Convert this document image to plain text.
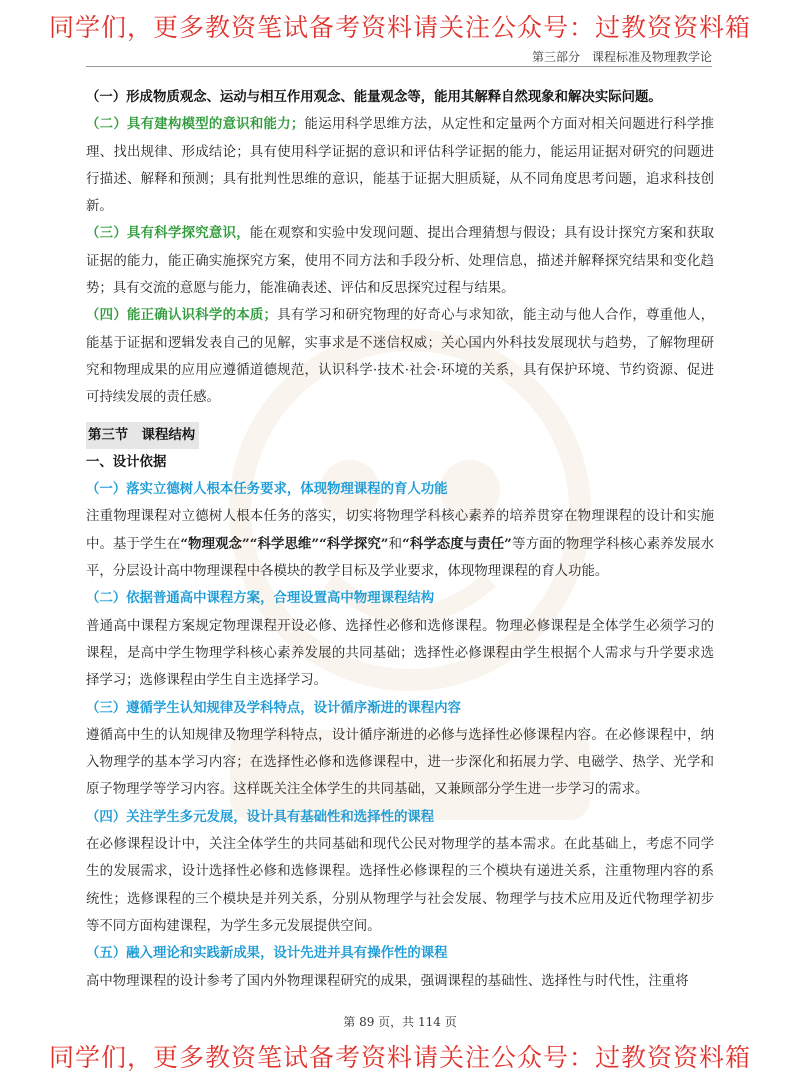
同学们，更多教资笔试备考资料请关注公众号：过教资资料箱
第三部分　课程标准及物理教学论

（一）形成物质观念、运动与相互作用观念、能量观念等，能用其解释自然现象和解决实际问题。

（二）具有建构模型的意识和能力；能运用科学思维方法，从定性和定量两个方面对相关问题进行科学推理、找出规律、形成结论；具有使用科学证据的意识和评估科学证据的能力，能运用证据对研究的问题进行描述、解释和预测；具有批判性思维的意识，能基于证据大胆质疑，从不同角度思考问题，追求科技创新。

（三）具有科学探究意识，能在观察和实验中发现问题、提出合理猜想与假设；具有设计探究方案和获取证据的能力，能正确实施探究方案，使用不同方法和手段分析、处理信息，描述并解释探究结果和变化趋势；具有交流的意愿与能力，能准确表述、评估和反思探究过程与结果。

（四）能正确认识科学的本质；具有学习和研究物理的好奇心与求知欲，能主动与他人合作，尊重他人，能基于证据和逻辑发表自己的见解，实事求是不迷信权威；关心国内外科技发展现状与趋势，了解物理研究和物理成果的应用应遵循道德规范，认识科学·技术·社会·环境的关系，具有保护环境、节约资源、促进可持续发展的责任感。

第三节　课程结构

一、设计依据

（一）落实立德树人根本任务要求，体现物理课程的育人功能

注重物理课程对立德树人根本任务的落实，切实将物理学科核心素养的培养贯穿在物理课程的设计和实施中。基于学生在“物理观念”“科学思维”“科学探究”和“科学态度与责任”等方面的物理学科核心素养发展水平，分层设计高中物理课程中各模块的教学目标及学业要求，体现物理课程的育人功能。

（二）依据普通高中课程方案，合理设置高中物理课程结构

普通高中课程方案规定物理课程开设必修、选择性必修和选修课程。物理必修课程是全体学生必须学习的课程，是高中学生物理学科核心素养发展的共同基础；选择性必修课程由学生根据个人需求与升学要求选择学习；选修课程由学生自主选择学习。

（三）遵循学生认知规律及学科特点，设计循序渐进的课程内容

遵循高中生的认知规律及物理学科特点，设计循序渐进的必修与选择性必修课程内容。在必修课程中，纳入物理学的基本学习内容；在选择性必修和选修课程中，进一步深化和拓展力学、电磁学、热学、光学和原子物理学等学习内容。这样既关注全体学生的共同基础，又兼顾部分学生进一步学习的需求。

（四）关注学生多元发展，设计具有基础性和选择性的课程

在必修课程设计中，关注全体学生的共同基础和现代公民对物理学的基本需求。在此基础上，考虑不同学生的发展需求，设计选择性必修和选修课程。选择性必修课程的三个模块有递进关系，注重物理内容的系统性；选修课程的三个模块是并列关系，分别从物理学与社会发展、物理学与技术应用及近代物理学初步等不同方面构建课程，为学生多元发展提供空间。

（五）融入理论和实践新成果，设计先进并具有操作性的课程

高中物理课程的设计参考了国内外物理课程研究的成果，强调课程的基础性、选择性与时代性，注重将

第 89 页，共 114 页
同学们，更多教资笔试备考资料请关注公众号：过教资资料箱
